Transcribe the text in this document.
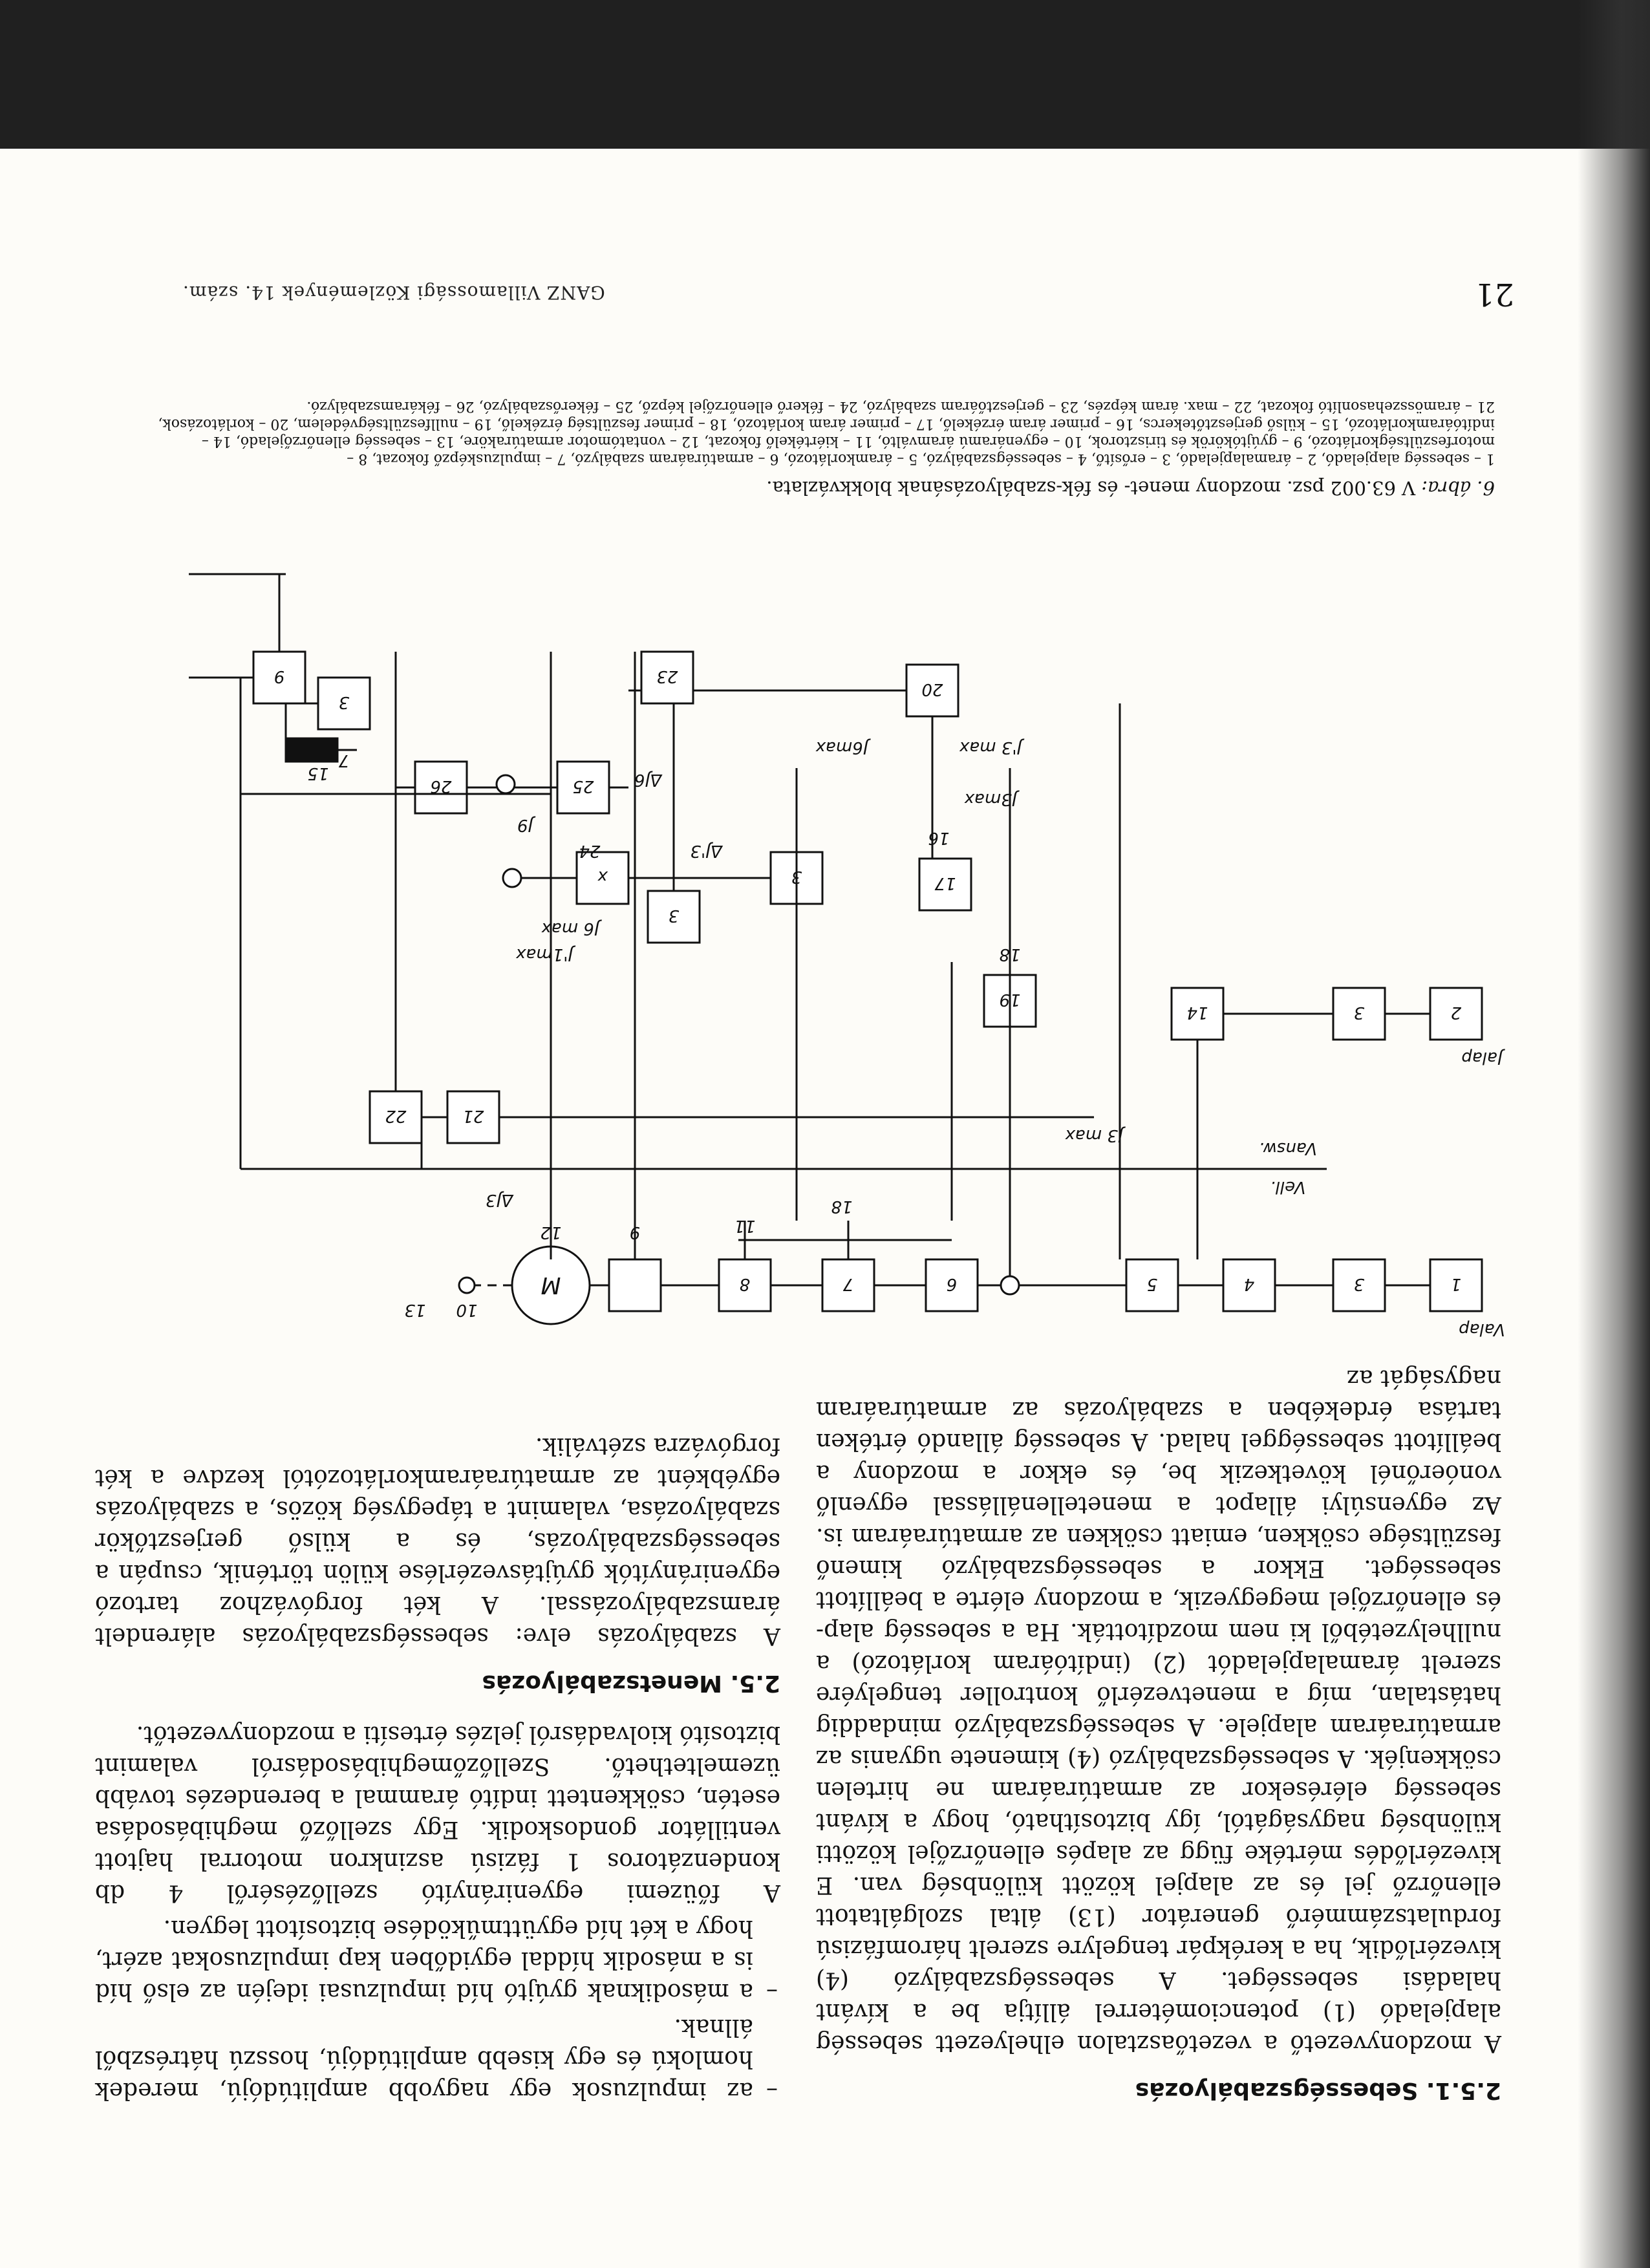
21
GANZ Villamossági Közlemények 14. szám.
6. ábra: V 63.002 psz. mozdony menet- és fék-szabályozásának blokkvázlata.
1 – sebesség alapjeladó, 2 – áramalapjeladó, 3 – erősítő, 4 – sebességszabályzó, 5 – áramkorlátozó, 6 – armatúraáram szabályzó, 7 – impulzusképző fokozat, 8 – motorfeszültségkorlátozó, 9 – gyújtókörök és tirisztorok, 10 – egyenáramú áramváltó, 11 – kiértékelő fokozat, 12 – vontatómotor armatúrakörе, 13 – sebesség ellenőrzőjeladó, 14 – indítóáramkorlátozó, 15 – külső gerjesztőtekercs, 16 – primer áram érzékelő, 17 – primer áram korlátozó, 18 – primer feszültség érzékelő, 19 – nullfeszültségvédelem, 20 – korlátozások, 21 – áramösszehasonlító fokozat, 22 – max. áram képzés, 23 – gerjesztőáram szabályzó, 24 – fékerő ellenőrzőjel képző, 25 – fékerőszabályzó, 26 – fékáramszabályzó.
1
3
4
5
6
7
8
M
2
3
14
21
22
19
17
3
x
3
25
26
20
23
9
3
7
15
10
9
12
13
11
18
18
16
24
Valap
Jalap
Vell.
Vansw.
J3 max
J3max
J'3 max
J6max
ΔJ3
ΔJ'3
ΔJ6
J9
J'1max
J6 max
2.5.1. Sebességszabályozás

A mozdonyvezető a vezetőasztalon elhelyezett sebesség alapjeladó (1) potenciométerrel állítja be a kívánt haladási sebességet. A sebességszabályzó (4) kivezérlődik, ha a kerékpár tengelyre szerelt háromfázisú fordulatszámmérő generátor (13) által szolgáltatott ellenőrző jel és az alapjel között különbség van. E kivezérlődés mértéke függ az alapés ellenőrzőjel közötti különbség nagyságától, így biztosítható, hogy a kívánt sebesség elérésekor az armatúraáram ne hirtelen csökkenjék. A sebességszabályzó (4) kimenete ugyanis az armatúraáram alapjele. A sebességszabályzó mindaddig hatástalan, míg a menetvezérlő kontroller tengelyére szerelt áramalapjeladót (2) (indítóáram korlátozó) a nullhelyzetéből ki nem mozdították. Ha a sebesség alap- és ellenőrzőjel megegyezik, a mozdony elérte a beállított sebességet. Ekkor a sebességszabályzó kimenő feszültsége csökken, emiatt csökken az armatúraáram is. Az egyensúlyi állapot a menetellenállással egyenlő vonóerőnél következik be, és ekkor a mozdony a beállított sebességgel halad. A sebesség állandó értéken tartása érdekében a szabályozás az armatúraáram nagyságát az

– az impulzusok egy nagyobb amplitúdójú, meredek homlokú és egy kisebb amplitúdójú, hosszú hátrészből állnak.
– a másodiknak gyújtó híd impulzusai idején az első híd is a második híddal egyidőben kap impulzusokat azért, hogy a két híd együttműködése biztosított legyen.

A főüzemi egyenirányító szellőzéséről 4 db kondenzátoros 1 fázisú aszinkron motorral hajtott ventillátor gondoskodik. Egy szellőző meghibásodása esetén, csökkentett indító árammal a berendezés tovább üzemeltethető. Szellőzőmeghibásodásról valamint biztosító kiolvadásról jelzés értesíti a mozdonyvezetőt.

2.5. Menetszabályozás

A szabályozás elve: sebességszabályozás alárendelt áramszabályozással. A két forgóvázhoz tartozó egyenirányítók gyújtásvezérlése külön történik, csupán a sebességszabályozás, és a külső gerjesztőkör szabályozása, valamint a tápegység közös, a szabályozás egyébként az armatúraáramkorlátozótól kezdve a két forgóvázra szétválik.
